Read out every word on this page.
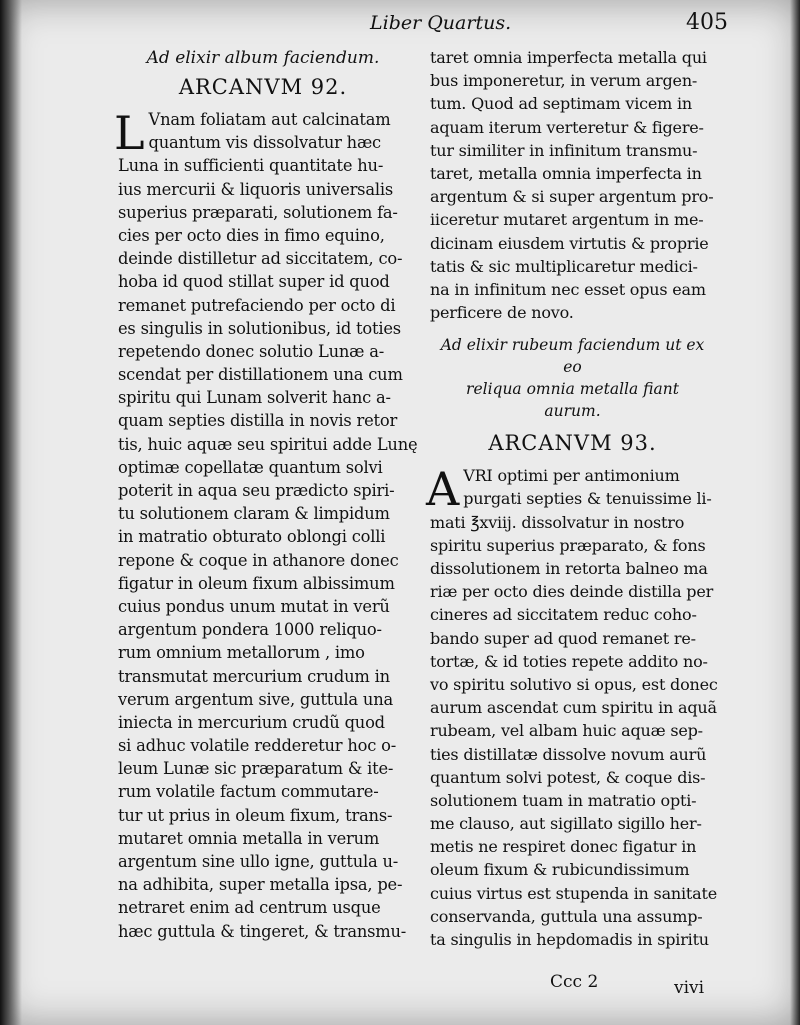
Liber Quartus.	405

Ad elixir album faciendum.

ARCANVM 92.

L Vnam foliatam aut calcinatam
quantum vis dissolvatur hæc
Luna in sufficienti quantitate hu-
ius mercurii & liquoris universalis
superius præparati, solutionem fa-
cies per octo dies in fimo equino,
deinde distilletur ad siccitatem, co-
hoba id quod stillat super id quod
remanet putrefaciendo per octo di
es singulis in solutionibus, id toties
repetendo donec solutio Lunæ a-
scendat per distillationem una cum
spiritu qui Lunam solverit hanc a-
quam septies distilla in novis retor
tis, huic aquæ seu spiritui adde Lunę
optimæ copellatæ quantum solvi
poterit in aqua seu prædicto spiri-
tu solutionem claram & limpidum
in matratio obturato oblongi colli
repone & coque in athanore donec
figatur in oleum fixum albissimum
cuius pondus unum mutat in verũ
argentum pondera 1000 reliquo-
rum omnium metallorum , imo
transmutat mercurium crudum in
verum argentum sive, guttula una
iniecta in mercurium crudũ quod
si adhuc volatile redderetur hoc o-
leum Lunæ sic præparatum & ite-
rum volatile factum commutare-
tur ut prius in oleum fixum, trans-
mutaret omnia metalla in verum
argentum sine ullo igne, guttula u-
na adhibita, super metalla ipsa, pe-
netraret enim ad centrum usque
hæc guttula & tingeret, & transmu-
taret omnia imperfecta metalla qui
bus imponeretur, in verum argen-
tum. Quod ad septimam vicem in
aquam iterum verteretur & figere-
tur similiter in infinitum transmu-
taret, metalla omnia imperfecta in
argentum & si super argentum pro-
iiceretur mutaret argentum in me-
dicinam eiusdem virtutis & proprie
tatis & sic multiplicaretur medici-
na in infinitum nec esset opus eam
perficere de novo.
Ad elixir rubeum faciendum ut ex eo
reliqua omnia metalla fiant
aurum.

ARCANVM 93.

A VRI optimi per antimonium
purgati septies & tenuissime li-
mati ℥xviij. dissolvatur in nostro
spiritu superius præparato, & fons
dissolutionem in retorta balneo ma
riæ per octo dies deinde distilla per
cineres ad siccitatem reduc coho-
bando super ad quod remanet re-
tortæ, & id toties repete addito no-
vo spiritu solutivo si opus, est donec
aurum ascendat cum spiritu in aquã
rubeam, vel albam huic aquæ sep-
ties distillatæ dissolve novum aurũ
quantum solvi potest, & coque dis-
solutionem tuam in matratio opti-
me clauso, aut sigillato sigillo her-
metis ne respiret donec figatur in
oleum fixum & rubicundissimum
cuius virtus est stupenda in sanitate
conservanda, guttula una assump-
ta singulis in hepdomadis in spiritu
Ccc 2	vivi
